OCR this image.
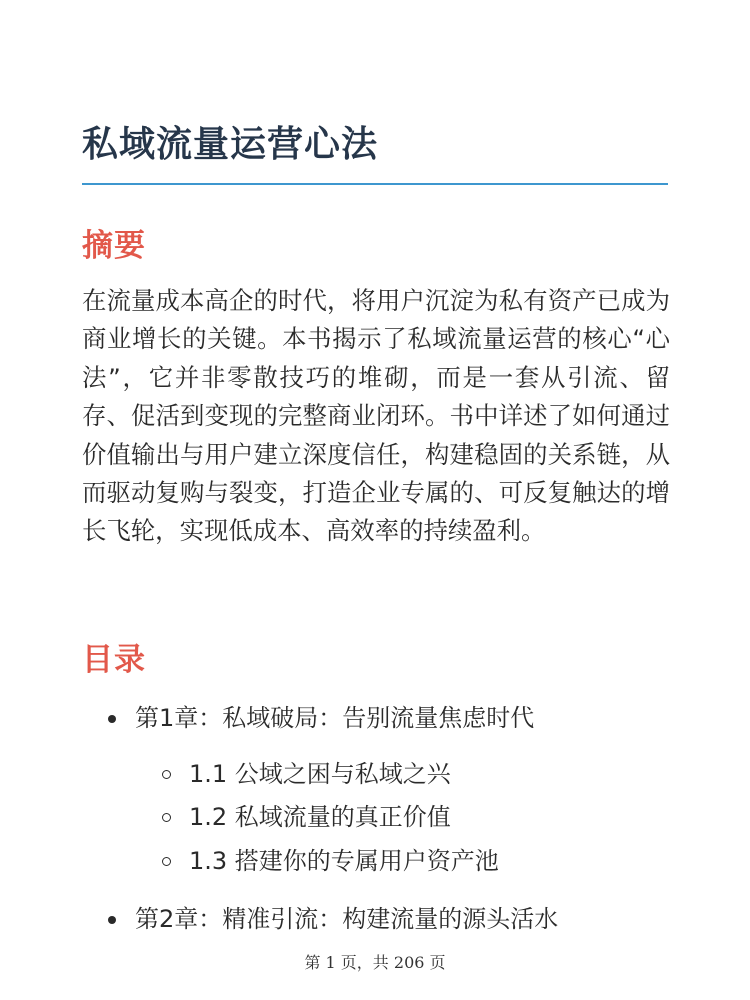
私域流量运营心法
摘要

在流量成本高企的时代，将用户沉淀为私有资产已成为商业增长的关键。本书揭示了私域流量运营的核心“心法”，它并非零散技巧的堆砌，而是一套从引流、留存、促活到变现的完整商业闭环。书中详述了如何通过价值输出与用户建立深度信任，构建稳固的关系链，从而驱动复购与裂变，打造企业专属的、可反复触达的增长飞轮，实现低成本、高效率的持续盈利。

目录
第1章：私域破局：告别流量焦虑时代
1.1 公域之困与私域之兴
1.2 私域流量的真正价值
1.3 搭建你的专属用户资产池
第2章：精准引流：构建流量的源头活水
第 1 页，共 206 页
